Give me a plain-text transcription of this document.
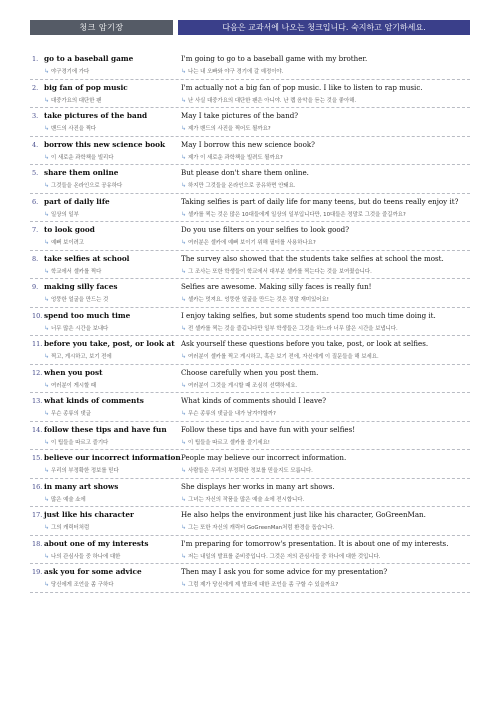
청크 암기장	다음은 교과서에 나오는 청크입니다. 숙지하고 암기하세요.
1. go to a baseball game
↳ 야구경기에 가다
I'm going to go to a baseball game with my brother.
↳ 나는 내 오빠와 야구 경기에 갈 예정이야.
2. big fan of pop music
↳ 대중가요의 대단한 팬
I'm actually not a big fan of pop music. I like to listen to rap music.
↳ 난 사실 대중가요의 대단한 팬은 아니야. 난 랩 음악을 듣는 것을 좋아해.
3. take pictures of the band
↳ 밴드의 사진을 찍다
May I take pictures of the band?
↳ 제가 밴드의 사진을 찍어도 될까요?
4. borrow this new science book
↳ 이 새로운 과학책을 빌리다
May I borrow this new science book?
↳ 제가 이 새로운 과학책을 빌려도 될까요?
5. share them online
↳ 그것들을 온라인으로 공유하다
But please don't share them online.
↳ 하지만 그것들을 온라인으로 공유하면 안돼요.
6. part of daily life
↳ 일상의 일부
Taking selfies is part of daily life for many teens, but do teens really enjoy it?
↳ 셀카를 찍는 것은 많은 10대들에게 일상의 일부입니다만, 10대들은 정말로 그것을 즐길까요?
7. to look good
↳ 예뻐 보이려고
Do you use filters on your selfies to look good?
↳ 여러분은 셀카에 예뻐 보이기 위해 필터를 사용하나요?
8. take selfies at school
↳ 학교에서 셀카를 찍다
The survey also showed that the students take selfies at school the most.
↳ 그 조사는 또한 학생들이 학교에서 대부분 셀카를 찍는다는 것을 보여줬습니다.
9. making silly faces
↳ 엉뚱한 얼굴을 만드는 것
Selfies are awesome. Making silly faces is really fun!
↳ 셀카는 멋져요. 엉뚱한 얼굴을 만드는 것은 정말 재미있어요!
10. spend too much time
↳ 너무 많은 시간을 보내다
I enjoy taking selfies, but some students spend too much time doing it.
↳ 전 셀카를 찍는 것을 즐깁니다만 일부 학생들은 그것을 하느라 너무 많은 시간을 보냅니다.
11. before you take, post, or look at
↳ 찍고, 게시하고, 보기 전에
Ask yourself these questions before you take, post, or look at selfies.
↳ 여러분이 셀카를 찍고 게시하고, 혹은 보기 전에, 자신에게 이 질문들을 해 보세요.
12. when you post
↳ 여러분이 게시할 때
Choose carefully when you post them.
↳ 여러분이 그것을 게시할 때 조심히 선택하세요.
13. what kinds of comments
↳ 무슨 종류의 댓글
What kinds of comments should I leave?
↳ 무슨 종류의 댓글을 내가 남겨야할까?
14. follow these tips and have fun
↳ 이 팁들을 따르고 즐기다
Follow these tips and have fun with your selfies!
↳ 이 팁들을 따르고 셀카를 즐기세요!
15. believe our incorrect information
↳ 우리의 부정확한 정보를 믿다
People may believe our incorrect information.
↳ 사람들은 우리의 부정확한 정보를 믿을지도 모릅니다.
16. in many art shows
↳ 많은 예술 쇼에
She displays her works in many art shows.
↳ 그녀는 자신의 작품을 많은 예술 쇼에 전시합니다.
17. just like his character
↳ 그의 캐릭터처럼
He also helps the environment just like his character, GoGreenMan.
↳ 그는 또한 자신의 캐릭터 GoGreenMan처럼 환경을 돕습니다.
18. about one of my interests
↳ 나의 관심사들 중 하나에 대한
I'm preparing for tomorrow's presentation. It is about one of my interests.
↳ 저는 내일의 발표를 준비중입니다. 그것은 저의 관심사들 중 하나에 대한 것입니다.
19. ask you for some advice
↳ 당신에게 조언을 좀 구하다
Then may I ask you for some advice for my presentation?
↳ 그럼 제가 당신에게 제 발표에 대한 조언을 좀 구할 수 있을까요?
